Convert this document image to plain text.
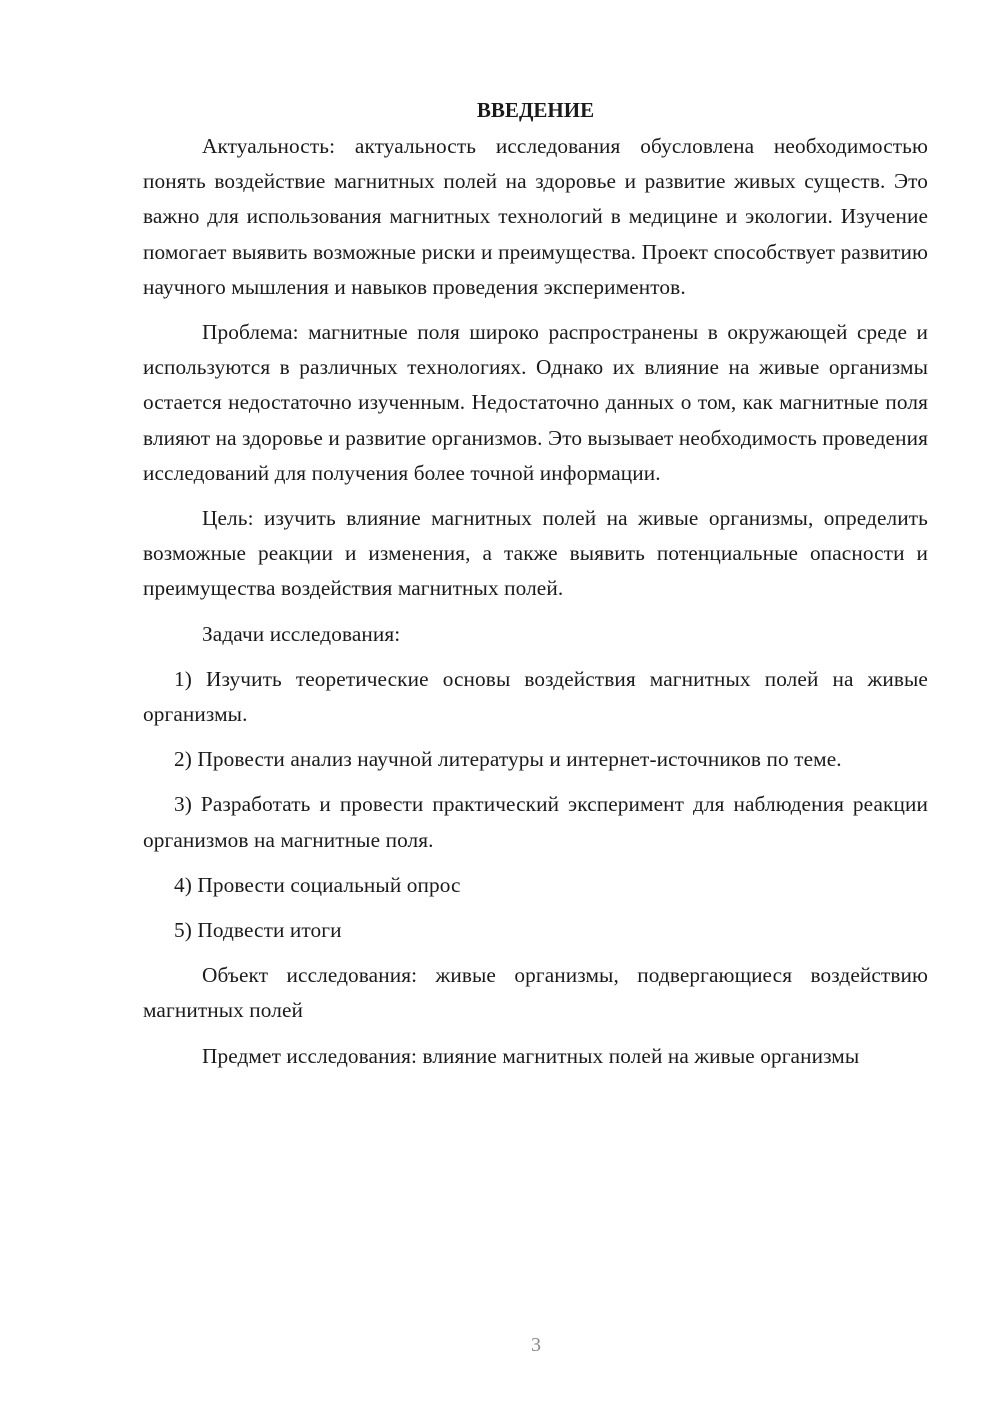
ВВЕДЕНИЕ

Актуальность: актуальность исследования обусловлена необходимостью понять воздействие магнитных полей на здоровье и развитие живых существ. Это важно для использования магнитных технологий в медицине и экологии. Изучение помогает выявить возможные риски и преимущества. Проект способствует развитию научного мышления и навыков проведения экспериментов.

Проблема: магнитные поля широко распространены в окружающей среде и используются в различных технологиях. Однако их влияние на живые организмы остается недостаточно изученным. Недостаточно данных о том, как магнитные поля влияют на здоровье и развитие организмов. Это вызывает необходимость проведения исследований для получения более точной информации.

Цель: изучить влияние магнитных полей на живые организмы, определить возможные реакции и изменения, а также выявить потенциальные опасности и преимущества воздействия магнитных полей.

Задачи исследования:

1) Изучить теоретические основы воздействия магнитных полей на живые организмы.

2) Провести анализ научной литературы и интернет-источников по теме.

3) Разработать и провести практический эксперимент для наблюдения реакции организмов на магнитные поля.

4) Провести социальный опрос

5) Подвести итоги

Объект исследования: живые организмы, подвергающиеся воздействию магнитных полей

Предмет исследования: влияние магнитных полей на живые организмы

3
